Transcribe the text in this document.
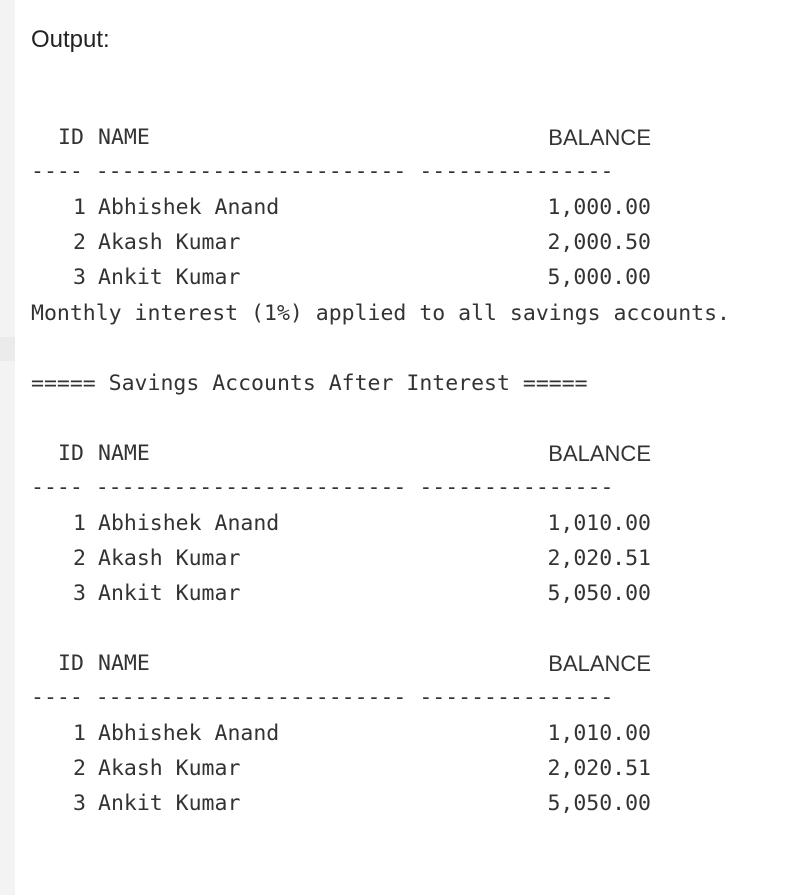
Output:
ID NAME	BALANCE
---- ------------------------ ---------------
1 Abhishek Anand	1,000.00
2 Akash Kumar	2,000.50
3 Ankit Kumar	5,000.00
Monthly interest (1%) applied to all savings accounts.
===== Savings Accounts After Interest =====
ID NAME	BALANCE
---- ------------------------ ---------------
1 Abhishek Anand	1,010.00
2 Akash Kumar	2,020.51
3 Ankit Kumar	5,050.00
ID NAME	BALANCE
---- ------------------------ ---------------
1 Abhishek Anand	1,010.00
2 Akash Kumar	2,020.51
3 Ankit Kumar	5,050.00
